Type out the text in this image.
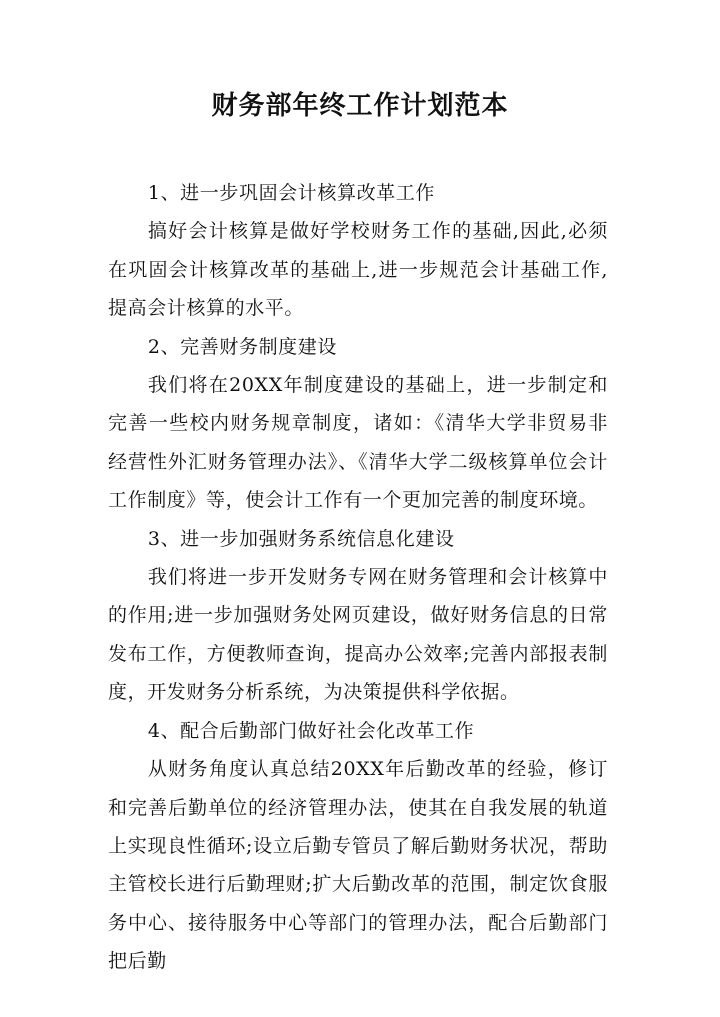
财务部年终工作计划范本

1、进一步巩固会计核算改革工作

搞好会计核算是做好学校财务工作的基础,因此,必须在巩固会计核算改革的基础上,进一步规范会计基础工作,提高会计核算的水平。

2、完善财务制度建设

我们将在20XX年制度建设的基础上，进一步制定和完善一些校内财务规章制度，诸如：《清华大学非贸易非经营性外汇财务管理办法》、《清华大学二级核算单位会计工作制度》等，使会计工作有一个更加完善的制度环境。

3、进一步加强财务系统信息化建设

我们将进一步开发财务专网在财务管理和会计核算中的作用;进一步加强财务处网页建设，做好财务信息的日常发布工作，方便教师查询，提高办公效率;完善内部报表制度，开发财务分析系统，为决策提供科学依据。

4、配合后勤部门做好社会化改革工作

从财务角度认真总结20XX年后勤改革的经验，修订和完善后勤单位的经济管理办法，使其在自我发展的轨道上实现良性循环;设立后勤专管员了解后勤财务状况，帮助主管校长进行后勤理财;扩大后勤改革的范围，制定饮食服务中心、接待服务中心等部门的管理办法，配合后勤部门把后勤
